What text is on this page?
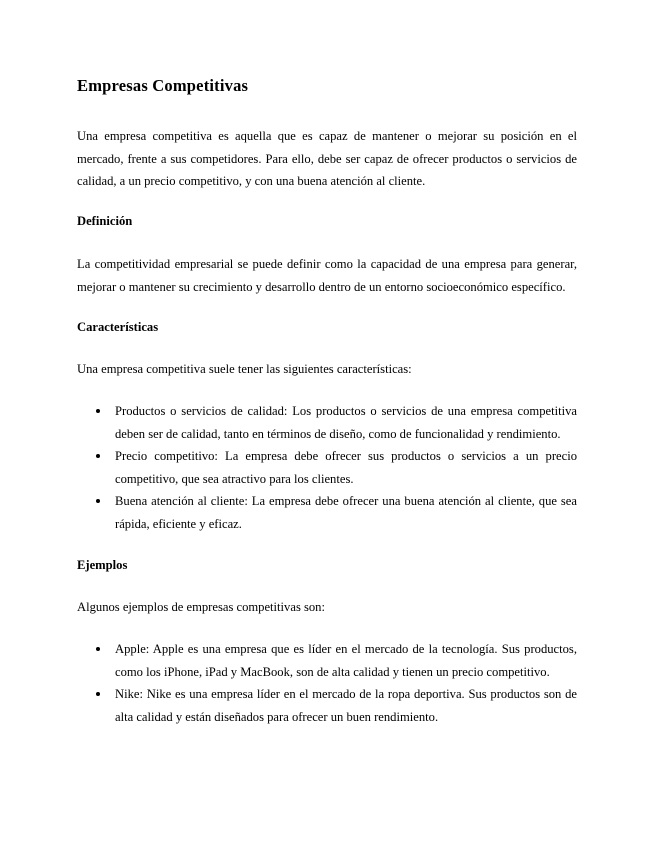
Empresas Competitivas

Una empresa competitiva es aquella que es capaz de mantener o mejorar su posición en el mercado, frente a sus competidores. Para ello, debe ser capaz de ofrecer productos o servicios de calidad, a un precio competitivo, y con una buena atención al cliente.

Definición

La competitividad empresarial se puede definir como la capacidad de una empresa para generar, mejorar o mantener su crecimiento y desarrollo dentro de un entorno socioeconómico específico.

Características

Una empresa competitiva suele tener las siguientes características:

Productos o servicios de calidad: Los productos o servicios de una empresa competitiva deben ser de calidad, tanto en términos de diseño, como de funcionalidad y rendimiento.
Precio competitivo: La empresa debe ofrecer sus productos o servicios a un precio competitivo, que sea atractivo para los clientes.
Buena atención al cliente: La empresa debe ofrecer una buena atención al cliente, que sea rápida, eficiente y eficaz.
Ejemplos

Algunos ejemplos de empresas competitivas son:

Apple: Apple es una empresa que es líder en el mercado de la tecnología. Sus productos, como los iPhone, iPad y MacBook, son de alta calidad y tienen un precio competitivo.
Nike: Nike es una empresa líder en el mercado de la ropa deportiva. Sus productos son de alta calidad y están diseñados para ofrecer un buen rendimiento.
